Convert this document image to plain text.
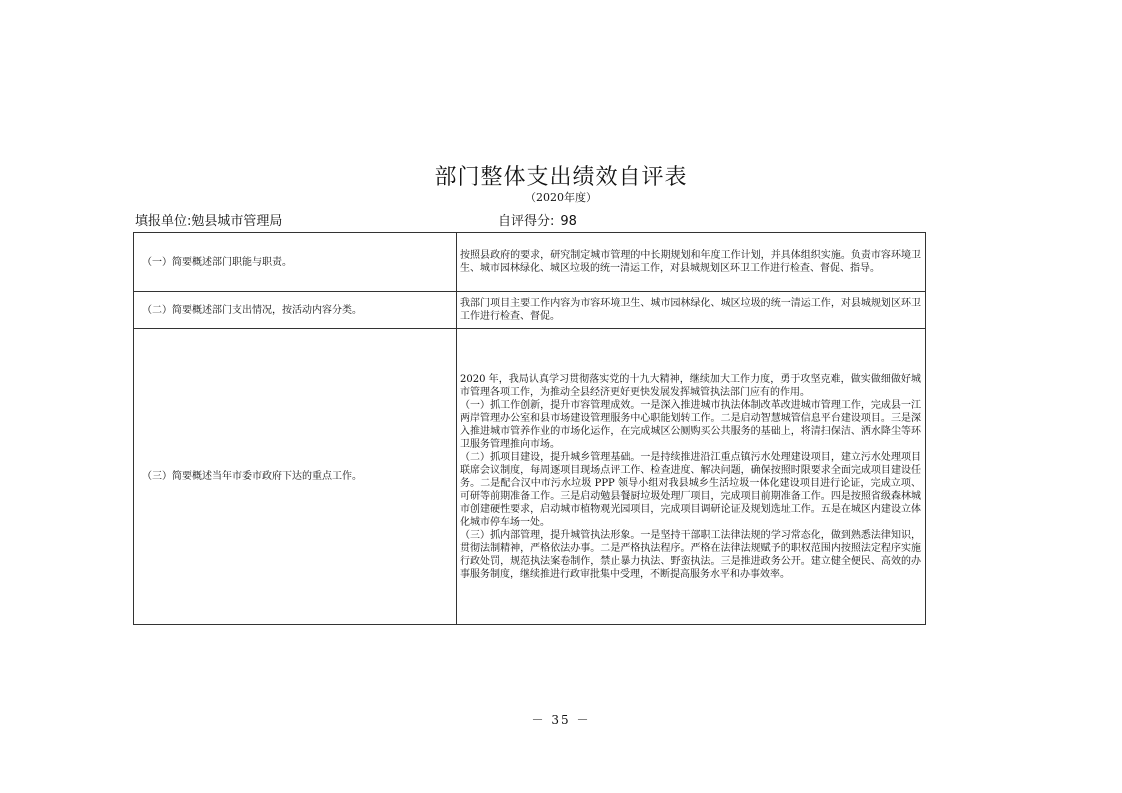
部门整体支出绩效自评表
（2020年度）
填报单位:勉县城市管理局	自评得分: 98
（一）简要概述部门职能与职责。	按照县政府的要求，研究制定城市管理的中长期规划和年度工作计划，并具体组织实施。负责市容环境卫生、城市园林绿化、城区垃圾的统一清运工作，对县城规划区环卫工作进行检查、督促、指导。

（二）简要概述部门支出情况，按活动内容分类。	我部门项目主要工作内容为市容环境卫生、城市园林绿化、城区垃圾的统一清运工作，对县城规划区环卫工作进行检查、督促。

（三）简要概述当年市委市政府下达的重点工作。	2020 年，我局认真学习贯彻落实党的十九大精神，继续加大工作力度，勇于攻坚克难，做实做细做好城市管理各项工作，为推动全县经济更好更快发展发挥城管执法部门应有的作用。

（一）抓工作创新，提升市容管理成效。一是深入推进城市执法体制改革改进城市管理工作，完成县一江两岸管理办公室和县市场建设管理服务中心职能划转工作。二是启动智慧城管信息平台建设项目。三是深入推进城市管养作业的市场化运作，在完成城区公厕购买公共服务的基础上，将清扫保洁、洒水降尘等环卫服务管理推向市场。

（二）抓项目建设，提升城乡管理基础。一是持续推进沿江重点镇污水处理建设项目，建立污水处理项目联席会议制度，每周逐项目现场点评工作、检查进度、解决问题，确保按照时限要求全面完成项目建设任务。二是配合汉中市污水垃圾 PPP 领导小组对我县城乡生活垃圾一体化建设项目进行论证，完成立项、可研等前期准备工作。三是启动勉县餐厨垃圾处理厂项目，完成项目前期准备工作。四是按照省级森林城市创建硬性要求，启动城市植物观光园项目，完成项目调研论证及规划选址工作。五是在城区内建设立体化城市停车场一处。

（三）抓内部管理，提升城管执法形象。一是坚持干部职工法律法规的学习常态化，做到熟悉法律知识，贯彻法制精神，严格依法办事。二是严格执法程序。严格在法律法规赋予的职权范围内按照法定程序实施行政处罚，规范执法案卷制作，禁止暴力执法、野蛮执法。三是推进政务公开。建立健全便民、高效的办事服务制度，继续推进行政审批集中受理，不断提高服务水平和办事效率。

－ 35 －
